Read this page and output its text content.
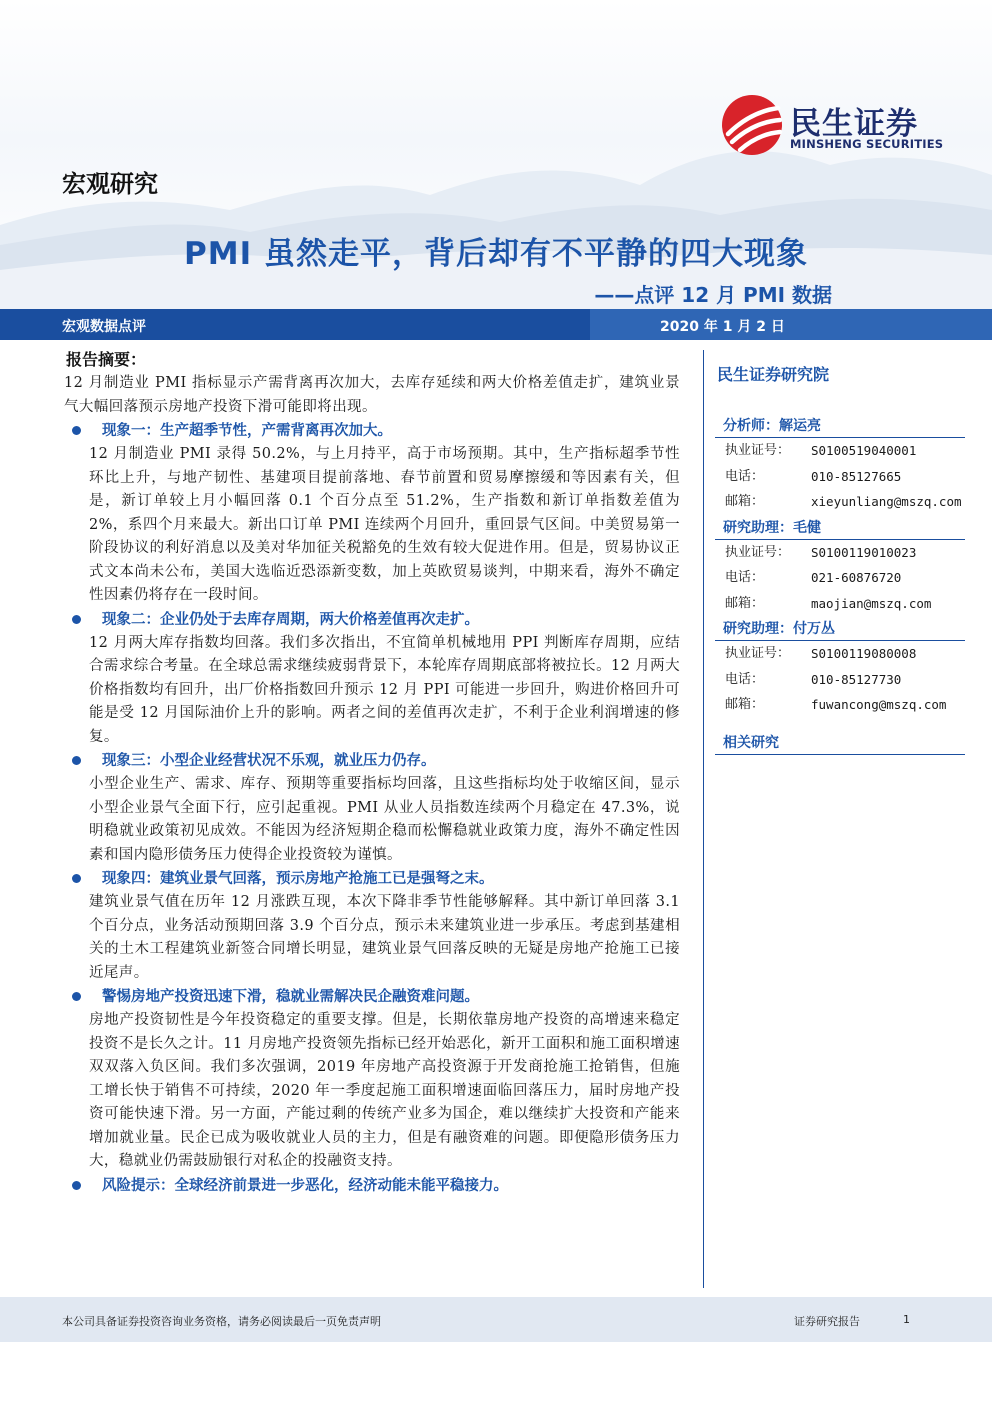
民生证券
MINSHENG SECURITIES
宏观研究
PMI 虽然走平，背后却有不平静的四大现象
——点评 12 月 PMI 数据
宏观数据点评	2020 年 1 月 2 日
报告摘要：

12 月制造业 PMI 指标显示产需背离再次加大，去库存延续和两大价格差值走扩，建筑业景气大幅回落预示房地产投资下滑可能即将出现。

现象一：生产超季节性，产需背离再次加大。

12 月制造业 PMI 录得 50.2%，与上月持平，高于市场预期。其中，生产指标超季节性环比上升，与地产韧性、基建项目提前落地、春节前置和贸易摩擦缓和等因素有关，但是，新订单较上月小幅回落 0.1 个百分点至 51.2%，生产指数和新订单指数差值为 2%，系四个月来最大。新出口订单 PMI 连续两个月回升，重回景气区间。中美贸易第一阶段协议的利好消息以及美对华加征关税豁免的生效有较大促进作用。但是，贸易协议正式文本尚未公布，美国大选临近恐添新变数，加上英欧贸易谈判，中期来看，海外不确定性因素仍将存在一段时间。

现象二：企业仍处于去库存周期，两大价格差值再次走扩。

12 月两大库存指数均回落。我们多次指出，不宜简单机械地用 PPI 判断库存周期，应结合需求综合考量。在全球总需求继续疲弱背景下，本轮库存周期底部将被拉长。12 月两大价格指数均有回升，出厂价格指数回升预示 12 月 PPI 可能进一步回升，购进价格回升可能是受 12 月国际油价上升的影响。两者之间的差值再次走扩，不利于企业利润增速的修复。

现象三：小型企业经营状况不乐观，就业压力仍存。

小型企业生产、需求、库存、预期等重要指标均回落，且这些指标均处于收缩区间，显示小型企业景气全面下行，应引起重视。PMI 从业人员指数连续两个月稳定在 47.3%，说明稳就业政策初见成效。不能因为经济短期企稳而松懈稳就业政策力度，海外不确定性因素和国内隐形债务压力使得企业投资较为谨慎。

现象四：建筑业景气回落，预示房地产抢施工已是强弩之末。

建筑业景气值在历年 12 月涨跌互现，本次下降非季节性能够解释。其中新订单回落 3.1 个百分点，业务活动预期回落 3.9 个百分点，预示未来建筑业进一步承压。考虑到基建相关的土木工程建筑业新签合同增长明显，建筑业景气回落反映的无疑是房地产抢施工已接近尾声。

警惕房地产投资迅速下滑，稳就业需解决民企融资难问题。

房地产投资韧性是今年投资稳定的重要支撑。但是，长期依靠房地产投资的高增速来稳定投资不是长久之计。11 月房地产投资领先指标已经开始恶化，新开工面积和施工面积增速双双落入负区间。我们多次强调，2019 年房地产高投资源于开发商抢施工抢销售，但施工增长快于销售不可持续，2020 年一季度起施工面积增速面临回落压力，届时房地产投资可能快速下滑。另一方面，产能过剩的传统产业多为国企，难以继续扩大投资和产能来增加就业量。民企已成为吸收就业人员的主力，但是有融资难的问题。即便隐形债务压力大，稳就业仍需鼓励银行对私企的投融资支持。

风险提示：全球经济前景进一步恶化，经济动能未能平稳接力。
民生证券研究院
分析师：解运亮
执业证号：	S0100519040001
电话：	010-85127665
邮箱：	xieyunliang@mszq.com
研究助理：毛健
执业证号：	S0100119010023
电话：	021-60876720
邮箱：	maojian@mszq.com
研究助理：付万丛
执业证号：	S0100119080008
电话：	010-85127730
邮箱：	fuwancong@mszq.com
相关研究
本公司具备证券投资咨询业务资格，请务必阅读最后一页免责声明	证券研究报告	1
